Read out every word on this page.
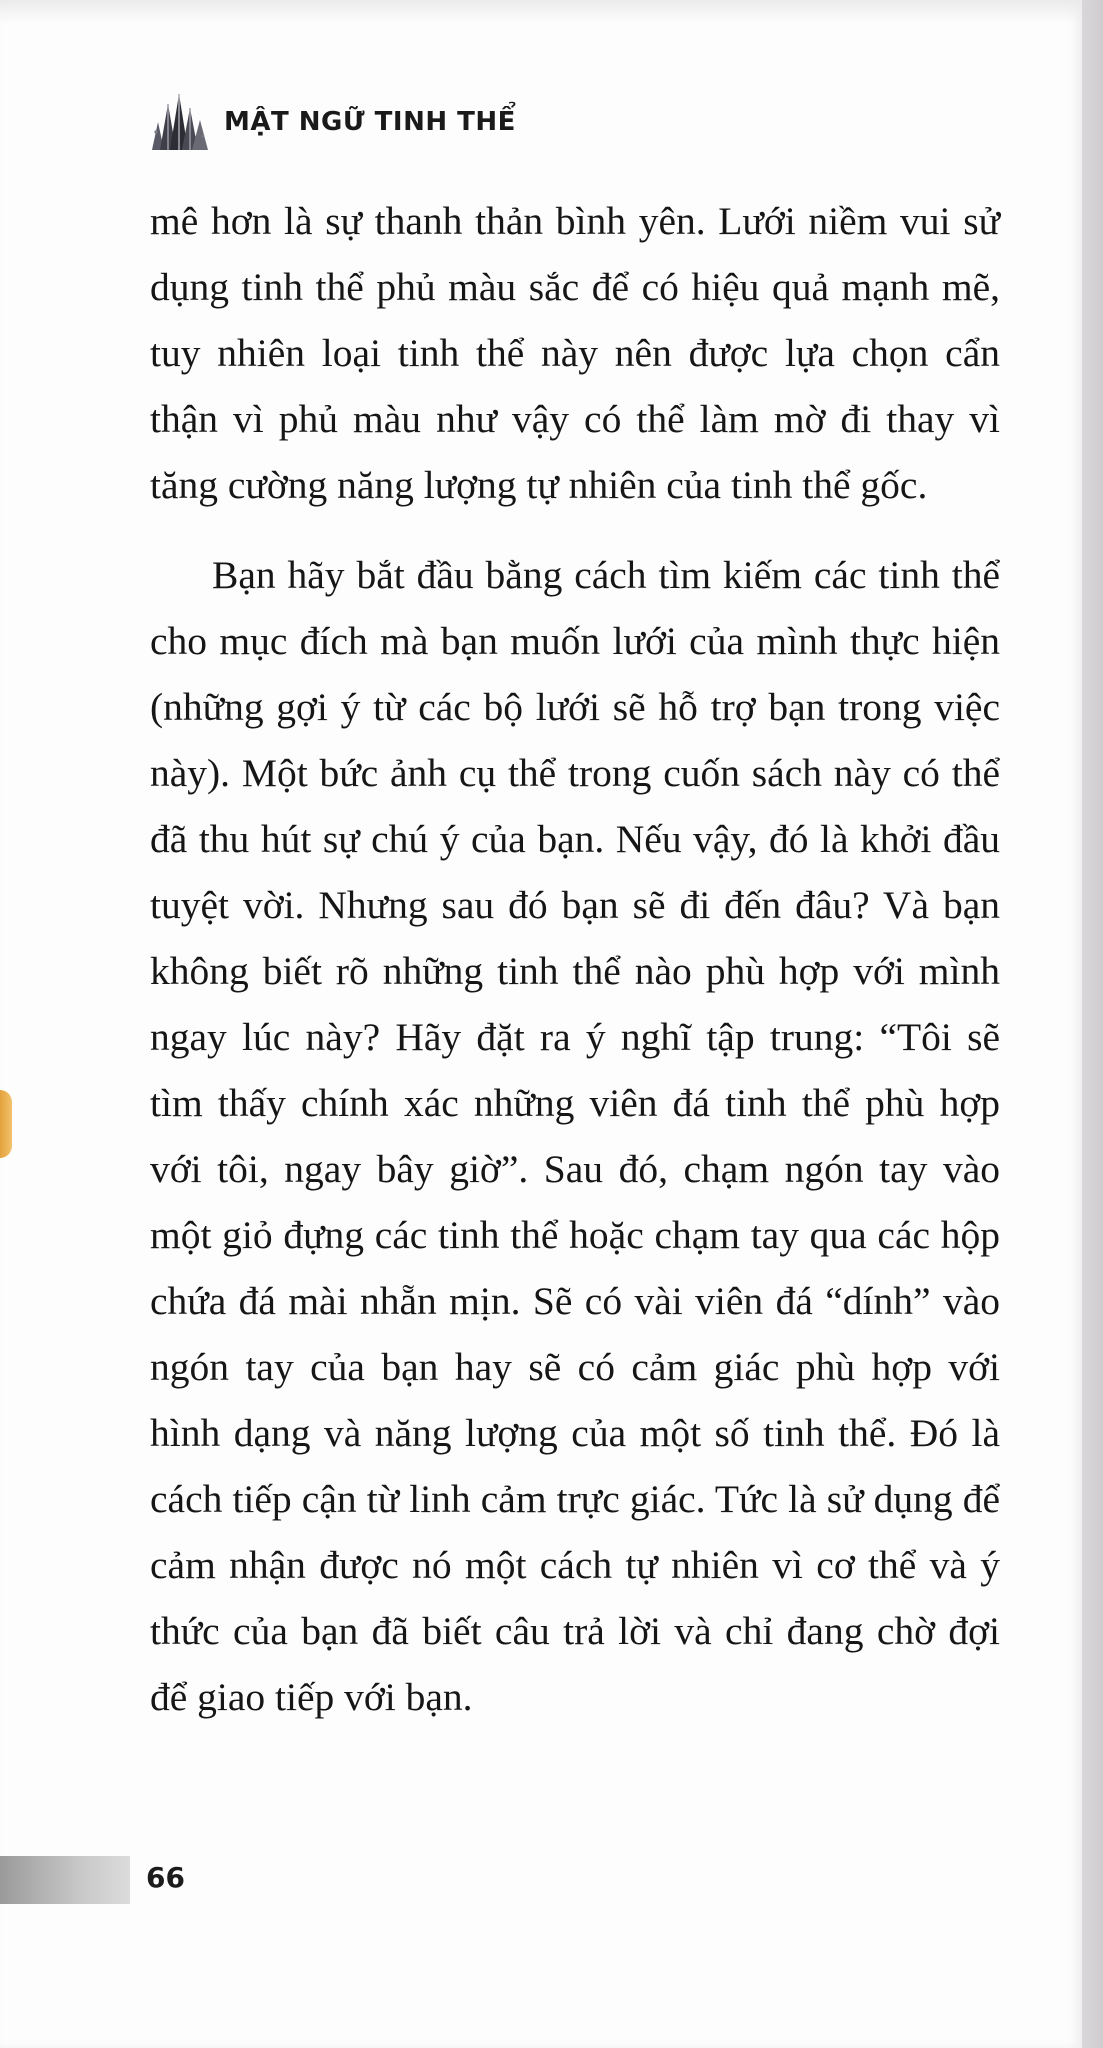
MẬT NGỮ TINH THỂ

mê hơn là sự thanh thản bình yên. Lưới niềm vui sử dụng tinh thể phủ màu sắc để có hiệu quả mạnh mẽ, tuy nhiên loại tinh thể này nên được lựa chọn cẩn thận vì phủ màu như vậy có thể làm mờ đi thay vì tăng cường năng lượng tự nhiên của tinh thể gốc.

Bạn hãy bắt đầu bằng cách tìm kiếm các tinh thể cho mục đích mà bạn muốn lưới của mình thực hiện (những gợi ý từ các bộ lưới sẽ hỗ trợ bạn trong việc này). Một bức ảnh cụ thể trong cuốn sách này có thể đã thu hút sự chú ý của bạn. Nếu vậy, đó là khởi đầu tuyệt vời. Nhưng sau đó bạn sẽ đi đến đâu? Và bạn không biết rõ những tinh thể nào phù hợp với mình ngay lúc này? Hãy đặt ra ý nghĩ tập trung: “Tôi sẽ tìm thấy chính xác những viên đá tinh thể phù hợp với tôi, ngay bây giờ”. Sau đó, chạm ngón tay vào một giỏ đựng các tinh thể hoặc chạm tay qua các hộp chứa đá mài nhẵn mịn. Sẽ có vài viên đá “dính” vào ngón tay của bạn hay sẽ có cảm giác phù hợp với hình dạng và năng lượng của một số tinh thể. Đó là cách tiếp cận từ linh cảm trực giác. Tức là sử dụng để cảm nhận được nó một cách tự nhiên vì cơ thể và ý thức của bạn đã biết câu trả lời và chỉ đang chờ đợi để giao tiếp với bạn.

66
